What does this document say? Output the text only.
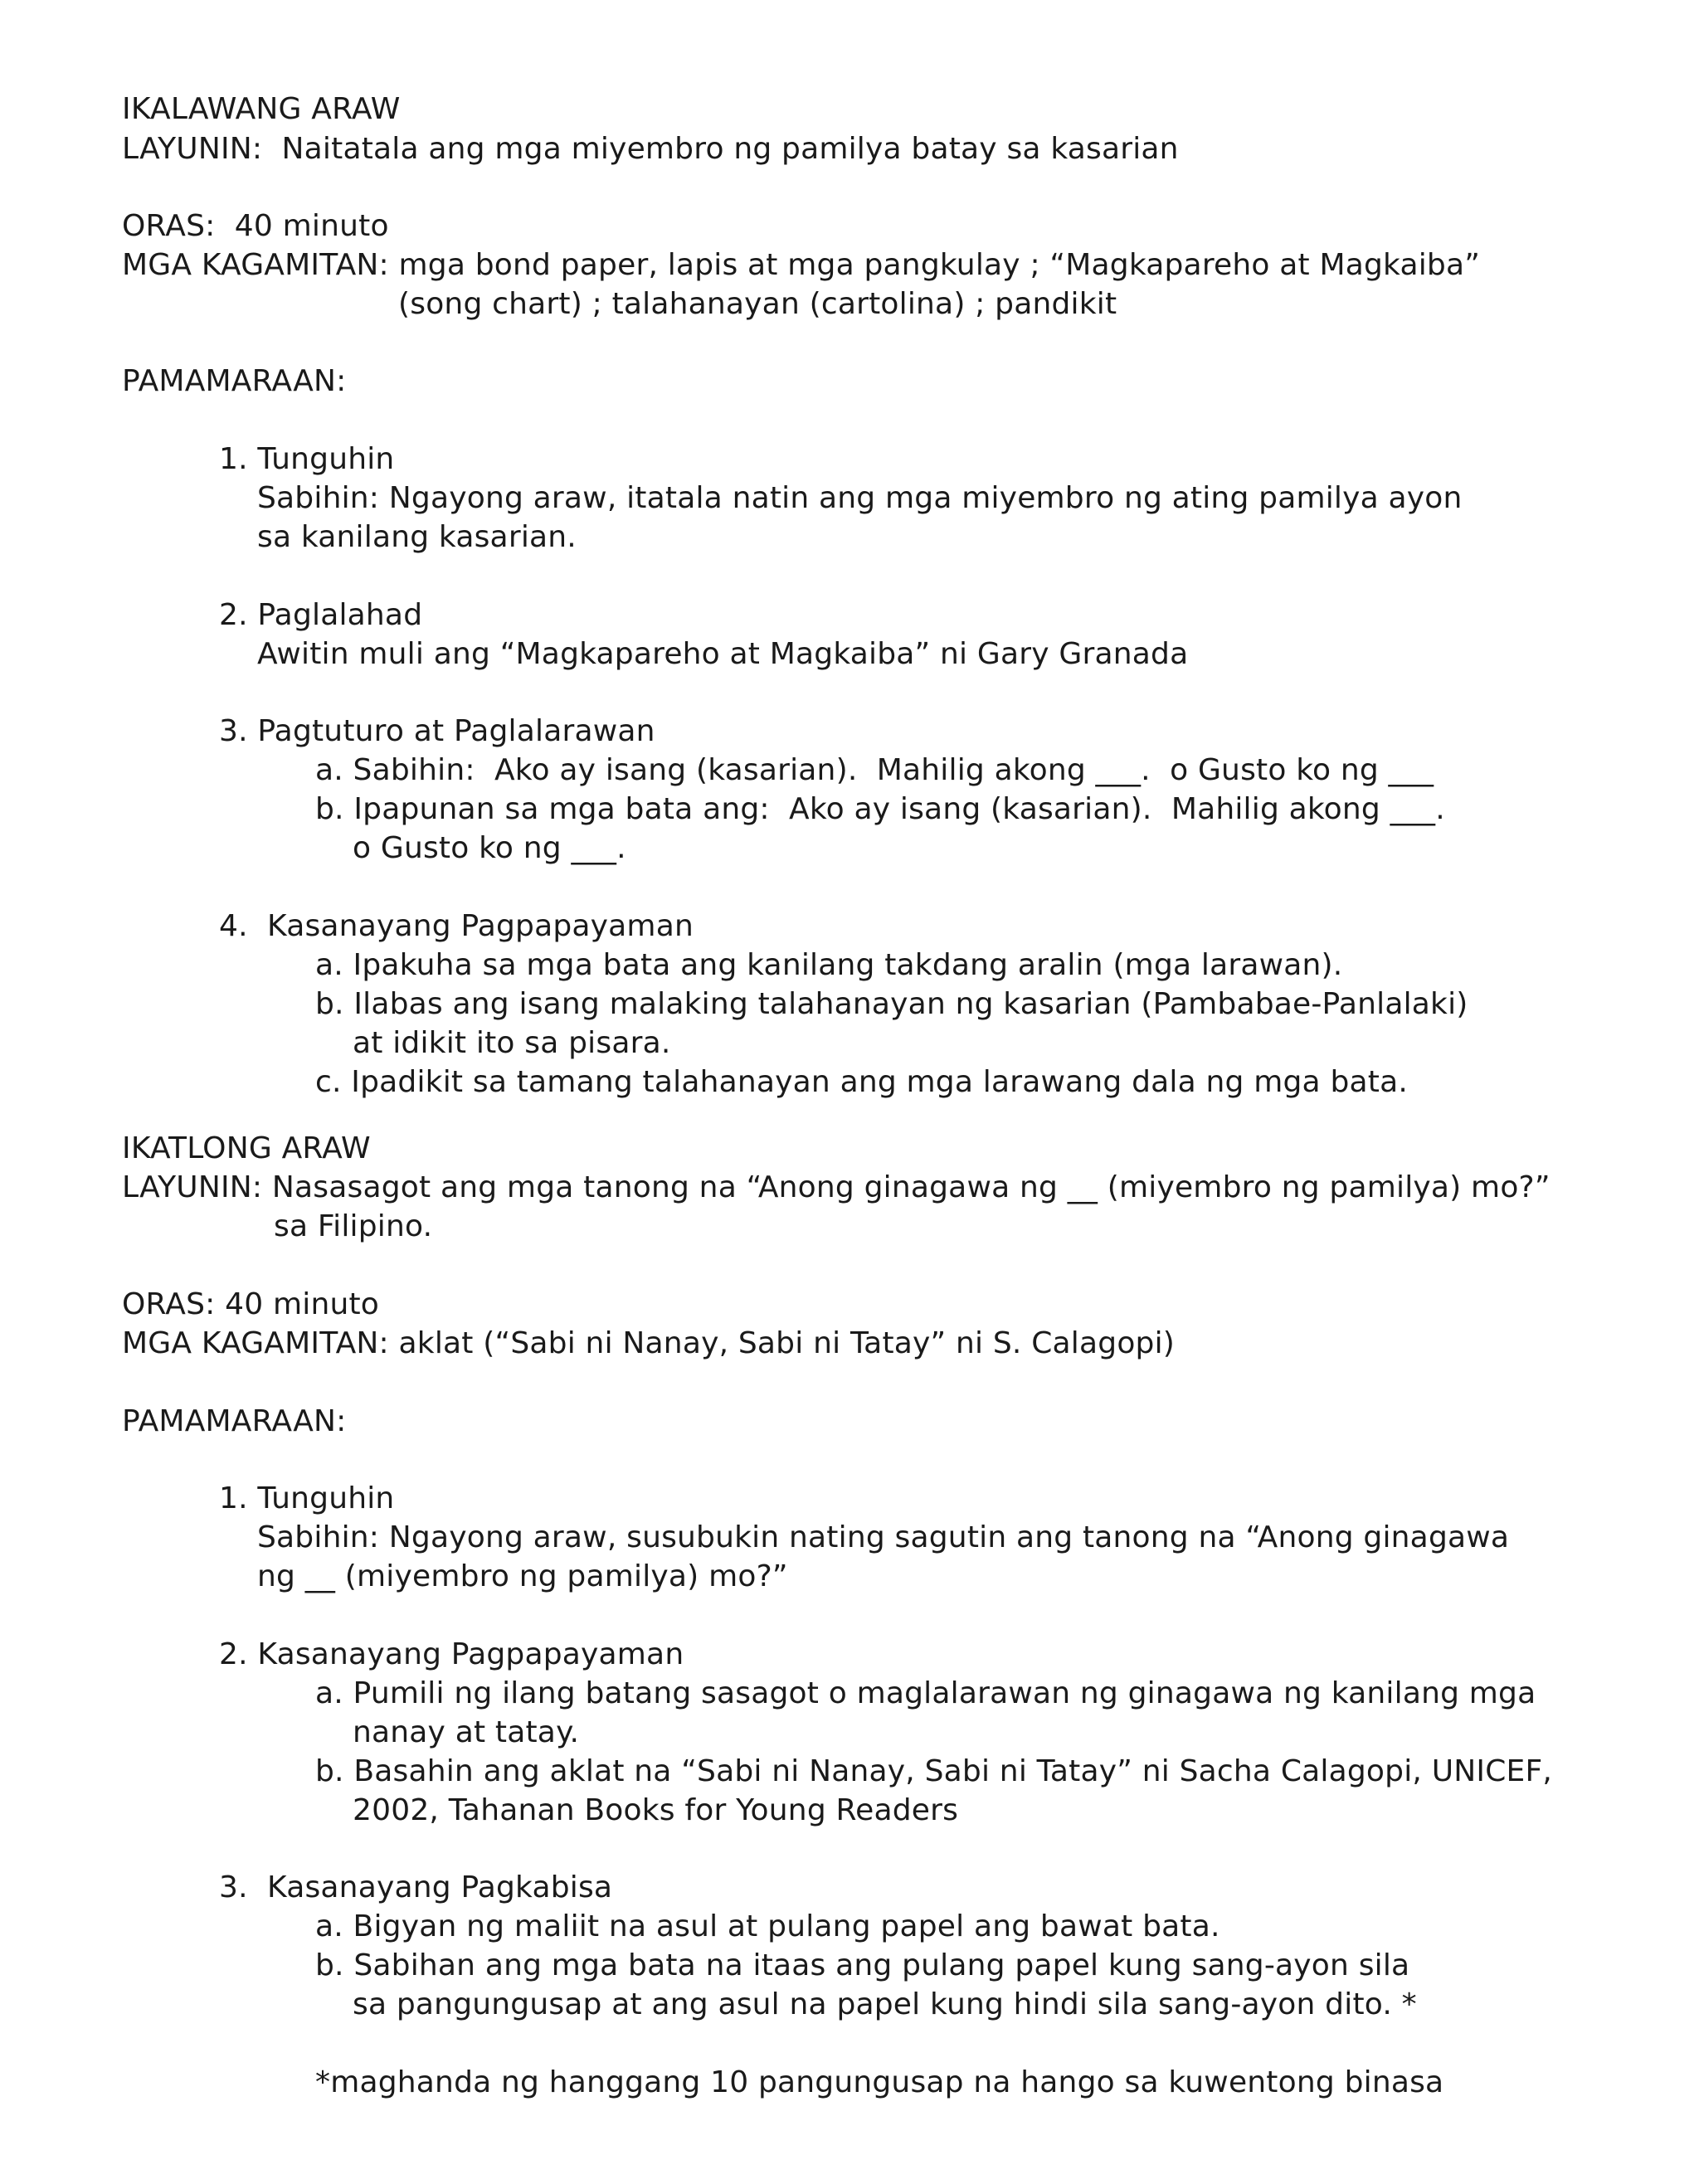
IKALAWANG ARAW

LAYUNIN:  Naitatala ang mga miyembro ng pamilya batay sa kasarian

ORAS:  40 minuto

MGA KAGAMITAN: mga bond paper, lapis at mga pangkulay ; “Magkapareho at Magkaiba”

(song chart) ; talahanayan (cartolina) ; pandikit

PAMAMARAAN:

1. Tunguhin

Sabihin: Ngayong araw, itatala natin ang mga miyembro ng ating pamilya ayon

sa kanilang kasarian.

2. Paglalahad

Awitin muli ang “Magkapareho at Magkaiba” ni Gary Granada

3. Pagtuturo at Paglalarawan

a. Sabihin:  Ako ay isang (kasarian).  Mahilig akong ___.  o Gusto ko ng ___

b. Ipapunan sa mga bata ang:  Ako ay isang (kasarian).  Mahilig akong ___.

o Gusto ko ng ___.

4.  Kasanayang Pagpapayaman

a. Ipakuha sa mga bata ang kanilang takdang aralin (mga larawan).

b. Ilabas ang isang malaking talahanayan ng kasarian (Pambabae-Panlalaki)

at idikit ito sa pisara.

c. Ipadikit sa tamang talahanayan ang mga larawang dala ng mga bata.

IKATLONG ARAW

LAYUNIN: Nasasagot ang mga tanong na “Anong ginagawa ng __ (miyembro ng pamilya) mo?”

sa Filipino.

ORAS: 40 minuto

MGA KAGAMITAN: aklat (“Sabi ni Nanay, Sabi ni Tatay” ni S. Calagopi)

PAMAMARAAN:

1. Tunguhin

Sabihin: Ngayong araw, susubukin nating sagutin ang tanong na “Anong ginagawa

ng __ (miyembro ng pamilya) mo?”

2. Kasanayang Pagpapayaman

a. Pumili ng ilang batang sasagot o maglalarawan ng ginagawa ng kanilang mga

nanay at tatay.

b. Basahin ang aklat na “Sabi ni Nanay, Sabi ni Tatay” ni Sacha Calagopi, UNICEF,

2002, Tahanan Books for Young Readers

3.  Kasanayang Pagkabisa

a. Bigyan ng maliit na asul at pulang papel ang bawat bata.

b. Sabihan ang mga bata na itaas ang pulang papel kung sang-ayon sila

sa pangungusap at ang asul na papel kung hindi sila sang-ayon dito. *

*maghanda ng hanggang 10 pangungusap na hango sa kuwentong binasa
